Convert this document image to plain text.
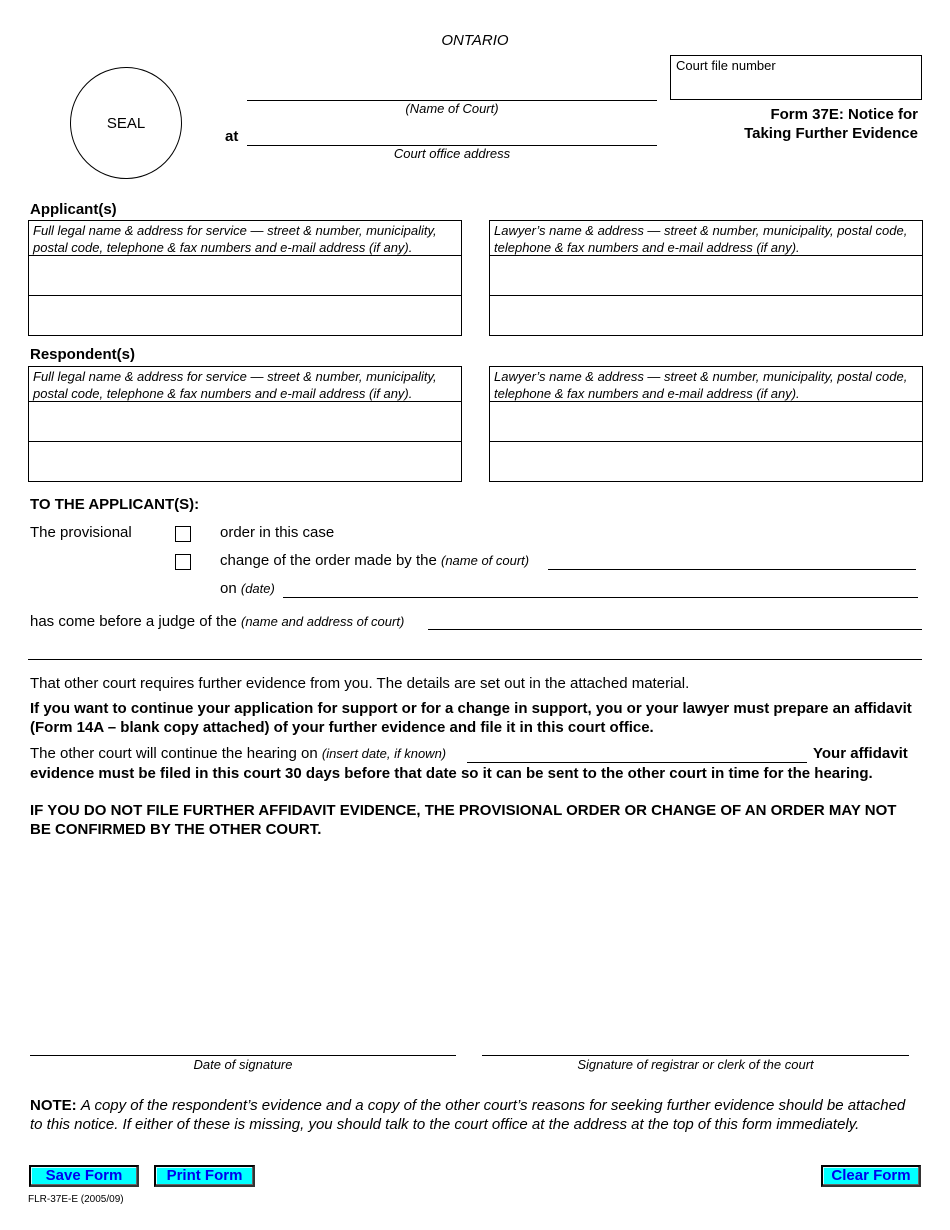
ONTARIO
SEAL
(Name of Court)
at
Court office address
Court file number
Form 37E: Notice for
Taking Further Evidence
Applicant(s)
Full legal name & address for service — street & number, municipality, postal code, telephone & fax numbers and e-mail address (if any).
Lawyer’s name & address — street & number, municipality, postal code, telephone & fax numbers and e-mail address (if any).
Respondent(s)
Full legal name & address for service — street & number, municipality, postal code, telephone & fax numbers and e-mail address (if any).
Lawyer’s name & address — street & number, municipality, postal code, telephone & fax numbers and e-mail address (if any).
TO THE APPLICANT(S):
The provisional	order in this case
change of the order made by the (name of court)
on (date)
has come before a judge of the (name and address of court)
That other court requires further evidence from you. The details are set out in the attached material.
If you want to continue your application for support or for a change in support, you or your lawyer must prepare an affidavit (Form 14A – blank copy attached) of your further evidence and file it in this court office.
The other court will continue the hearing on (insert date, if known)	Your affidavit
evidence must be filed in this court 30 days before that date so it can be sent to the other court in time for the hearing.
IF YOU DO NOT FILE FURTHER AFFIDAVIT EVIDENCE, THE PROVISIONAL ORDER OR CHANGE OF AN ORDER MAY NOT BE CONFIRMED BY THE OTHER COURT.
Date of signature	Signature of registrar or clerk of the court
NOTE: A copy of the respondent’s evidence and a copy of the other court’s reasons for seeking further evidence should be attached to this notice. If either of these is missing, you should talk to the court office at the address at the top of this form immediately.
Save Form	Print Form	Clear Form
FLR-37E-E (2005/09)
